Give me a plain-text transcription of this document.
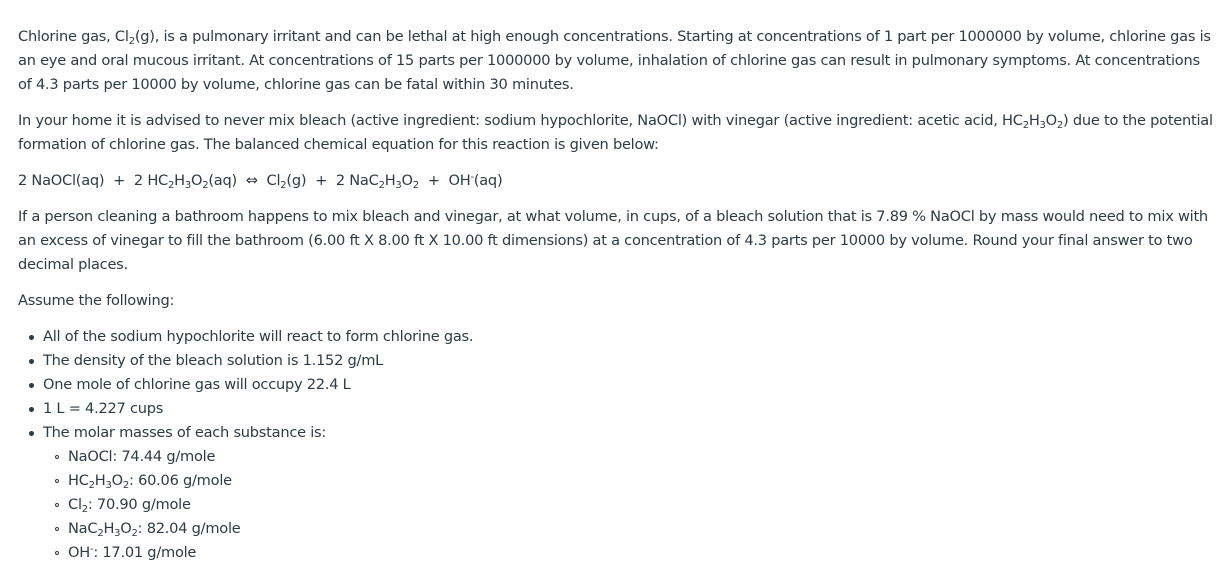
Chlorine gas, $Cl_2(g)$, is a pulmonary irritant and can be lethal at high enough concentrations. Starting at concentrations of 1 part per 1000000 by volume, chlorine gas is an eye and oral mucous irritant. At concentrations of 15 parts per 1000000 by volume, inhalation of chlorine gas can result in pulmonary symptoms. At concentrations of 4.3 parts per 10000 by volume, chlorine gas can be fatal within 30 minutes.

In your home it is advised to never mix bleach (active ingredient: sodium hypochlorite, NaOCl) with vinegar (active ingredient: acetic acid, $HC_2H_3O_2$) due to the potential formation of chlorine gas. The balanced chemical equation for this reaction is given below:

2 NaOCl(aq) + 2 $HC_2H_3O_2(aq)$ ⇔ $Cl_2(g) + 2$ $NaC_2H_3O_2 + OH^-(aq)$

If a person cleaning a bathroom happens to mix bleach and vinegar, at what volume, in cups, of a bleach solution that is 7.89 % NaOCl by mass would need to mix with an excess of vinegar to fill the bathroom (6.00 ft X 8.00 ft X 10.00 ft dimensions) at a concentration of 4.3 parts per 10000 by volume. Round your final answer to two decimal places.

Assume the following:

All of the sodium hypochlorite will react to form chlorine gas.
The density of the bleach solution is 1.152 g/mL
One mole of chlorine gas will occupy 22.4 L
1 L = 4.227 cups
The molar masses of each substance is:
NaOCl: 74.44 g/mole
$HC_2H_3O_2$: 60.06 g/mole
$Cl_2$: 70.90 g/mole
$NaC_2H_3O_2$: 82.04 g/mole
OH-: 17.01 g/mole
